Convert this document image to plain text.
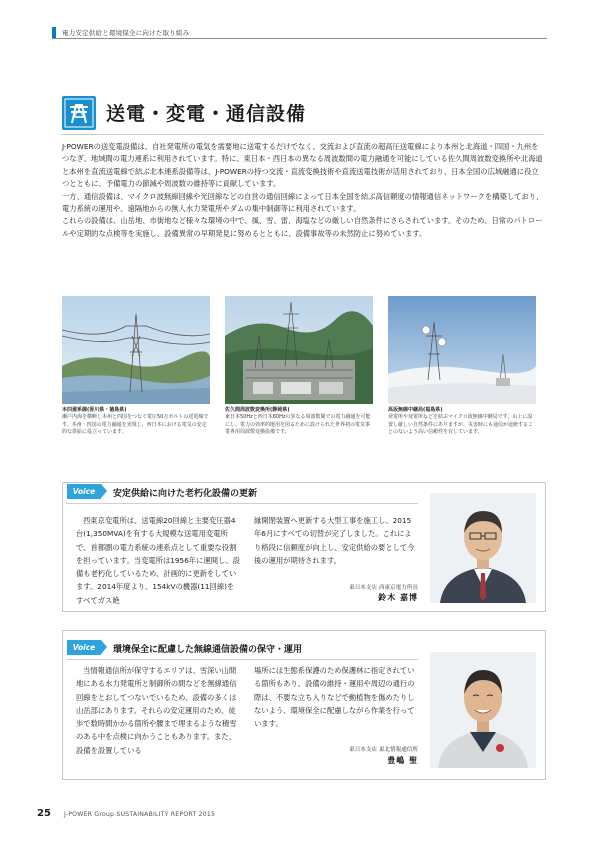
電力安定供給と環境保全に向けた取り組み
送電・変電・通信設備

J-POWERの送変電設備は、自社発電所の電気を需要地に送電するだけでなく、交流および直流の超高圧送電線により本州と北海道・四国・九州をつなぎ、地域間の電力連系に利用されています。特に、東日本・西日本の異なる周波数間の電力融通を可能にしている佐久間周波数変換所や北海道と本州を直流送電線で結ぶ北本連系設備等は、J-POWERの持つ交流・直流変換技術や直流送電技術が活用されており、日本全国の広域融通に役立つとともに、予備電力の節減や周波数の維持等に貢献しています。

一方、通信設備は、マイクロ波無線回線や光回線などの自営の通信回線によって日本全国を結ぶ高信頼度の情報通信ネットワークを構築しており、電力系統の運用や、遠隔地からの無人水力発電所やダムの集中制御等に利用されています。

これらの設備は、山岳地、市街地など様々な環境の中で、風、雪、雷、海塩などの厳しい自然条件にさらされています。そのため、日常のパトロールや定期的な点検等を実施し、設備異常の早期発見に努めるとともに、設備事故等の未然防止に努めています。

本四連系線(香川県・徳島県)
瀬戸内海を横断し本州と四国をつなぐ電圧50万ボルトの送電線です。本州・四国の電力融通を実現し、西日本における電気の安定的な供給に役立っています。
佐久間周波数変換所(静岡県)
東日本50Hzと西日本60Hzの異なる周波数間での電力融通を可能にし、電力の効率的運用を図るために設けられた世界初の電気事業専用周波数変換設備です。
高坂無線中継局(福島県)
発電所や変電所などを結ぶマイクロ波無線中継局です。山上に設置し厳しい自然条件にありますが、災害時にも通信が途絶することのないよう高い信頼性を有しています。
Voice	安定供給に向けた老朽化設備の更新

西東京変電所は、送電線20回線と主要変圧器4台(1,350MVA)を有する大規模な送電用変電所で、首都圏の電力系統の連系点として重要な役割を担っています。当変電所は1956年に運開し、設備も老朽化しているため、計画的に更新をしています。2014年度より、154kVの機器(11回線)をすべてガス絶

縁開閉装置へ更新する大型工事を施工し、2015年6月にすべての切替が完了しました。これにより格段に信頼度が向上し、安定供給の要として今後の運用が期待されます。

東日本支店 西東京電力所長
鈴木 嘉博
Voice	環境保全に配慮した無線通信設備の保守・運用

当情報通信所が保守するエリアは、雪深い山間地にある水力発電所と制御所の間などを無線通信回線をとおしてつないでいるため、設備の多くは山岳部にあります。それらの安定運用のため、徒歩で数時間かかる箇所や腰まで埋まるような積雪のある中を点検に向かうこともあります。また、設備を設置している

場所には生態系保護のため保護林に指定されている箇所もあり、設備の維持・運用や周辺の通行の際は、不要な立ち入りなどで動植物を傷めたりしないよう、環境保全に配慮しながら作業を行っています。

東日本支店 東北情報通信所
豊嶋 聖
25 J-POWER Group SUSTAINABILITY REPORT 2015
